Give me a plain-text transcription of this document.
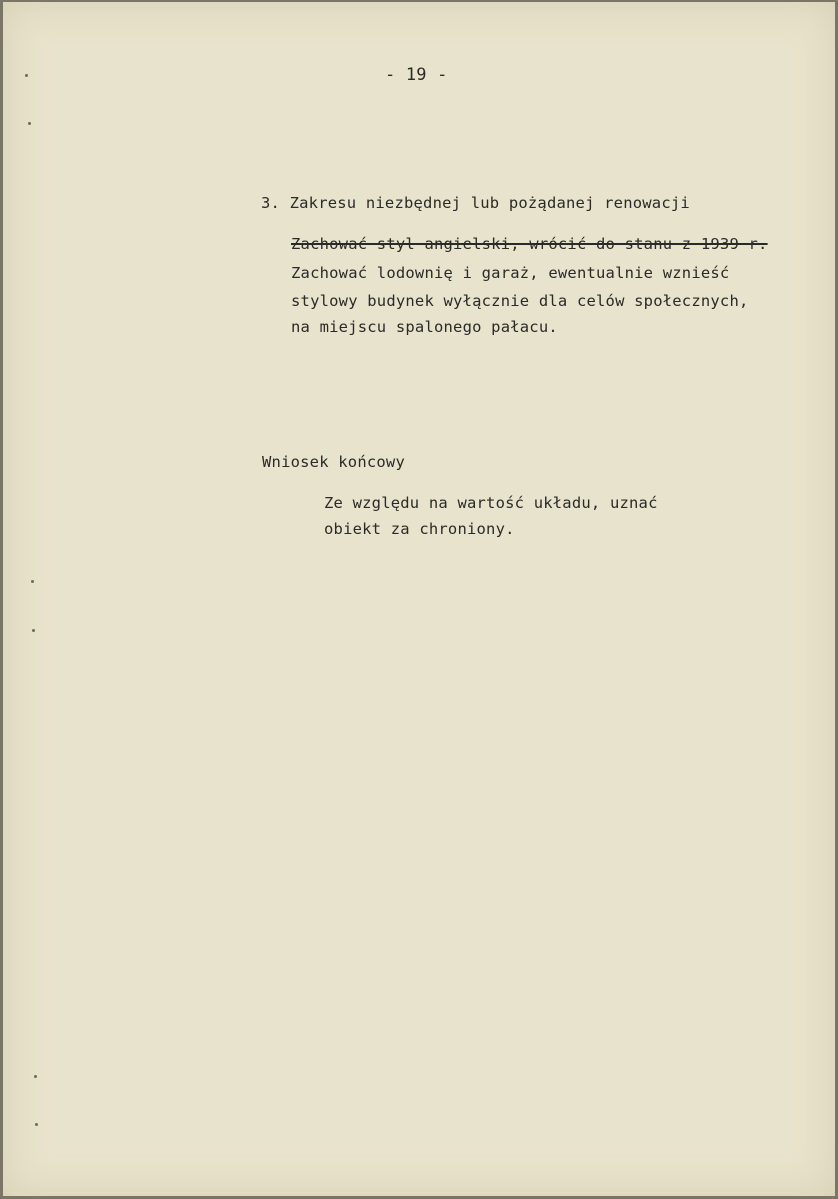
- 19 -
3. Zakresu niezbędnej lub pożądanej renowacji
Zachować styl angielski, wrócić do stanu z 1939 r.
Zachować lodownię i garaż, ewentualnie wznieść
stylowy budynek wyłącznie dla celów społecznych,
na miejscu spalonego pałacu.
Wniosek końcowy
Ze względu na wartość układu, uznać
obiekt za chroniony.
